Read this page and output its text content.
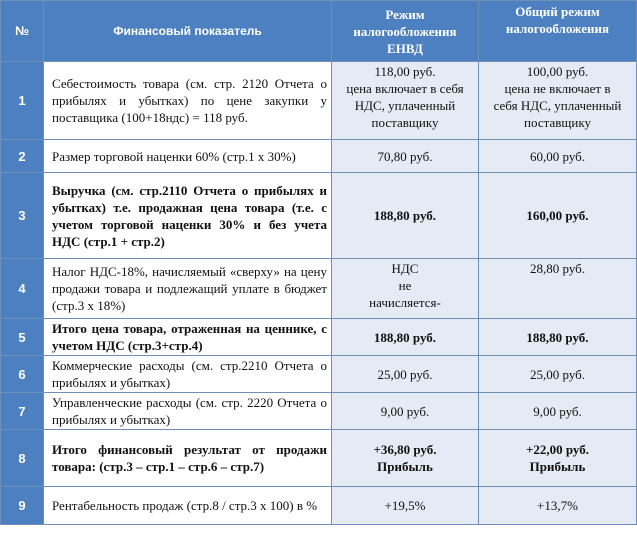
№	Финансовый показатель	Режим
налогообложения
ЕНВД	Общий режим
налогообложения

1	Себестоимость товара (см. стр. 2120 Отчета о прибылях и убытках) по цене закупки у поставщика (100+18ндс) = 118 руб.	118,00 руб.
цена включает в себя
НДС, уплаченный
поставщику	100,00 руб.
цена не включает в
себя НДС, уплаченный
поставщику

2	Размер торговой наценки 60% (стр.1 х 30%)	70,80 руб.	60,00 руб.

3	Выручка (см. стр.2110 Отчета о прибылях и убытках) т.е. продажная цена товара (т.е. с учетом торговой наценки 30% и без учета НДС (стр.1 + стр.2)	188,80 руб.	160,00 руб.

4	Налог НДС-18%, начисляемый «сверху» на цену продажи товара и подлежащий уплате в бюджет (стр.3 х 18%)	НДС
не
начисляется-	28,80 руб.

5	Итого цена товара, отраженная на ценнике, с учетом НДС (стр.3+стр.4)	188,80 руб.	188,80 руб.

6	Коммерческие расходы (см. стр.2210 Отчета о прибылях и убытках)	25,00 руб.	25,00 руб.

7	Управленческие расходы (см. стр. 2220 Отчета о прибылях и убытках)	9,00 руб.	9,00 руб.

8	Итого финансовый результат от продажи товара: (стр.3 – стр.1 – стр.6 – стр.7)	+36,80 руб.
Прибыль	+22,00 руб.
Прибыль

9	Рентабельность продаж (стр.8 / стр.3 х 100) в %	+19,5%	+13,7%
